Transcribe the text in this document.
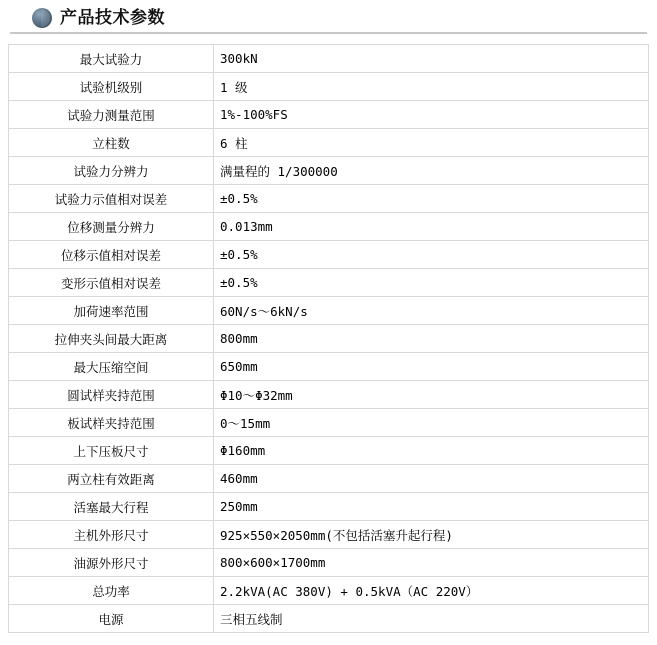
产品技术参数
最大试验力	300kN
试验机级别	1 级
试验力测量范围	1%-100%FS
立柱数	6 柱
试验力分辨力	满量程的 1/300000
试验力示值相对误差	±0.5%
位移测量分辨力	0.013mm
位移示值相对误差	±0.5%
变形示值相对误差	±0.5%
加荷速率范围	60N/s～6kN/s
拉伸夹头间最大距离	800mm
最大压缩空间	650mm
圆试样夹持范围	Φ10～Φ32mm
板试样夹持范围	0～15mm
上下压板尺寸	Φ160mm
两立柱有效距离	460mm
活塞最大行程	250mm
主机外形尺寸	925×550×2050mm(不包括活塞升起行程)
油源外形尺寸	800×600×1700mm
总功率	2.2kVA(AC 380V) + 0.5kVA（AC 220V）
电源	三相五线制
